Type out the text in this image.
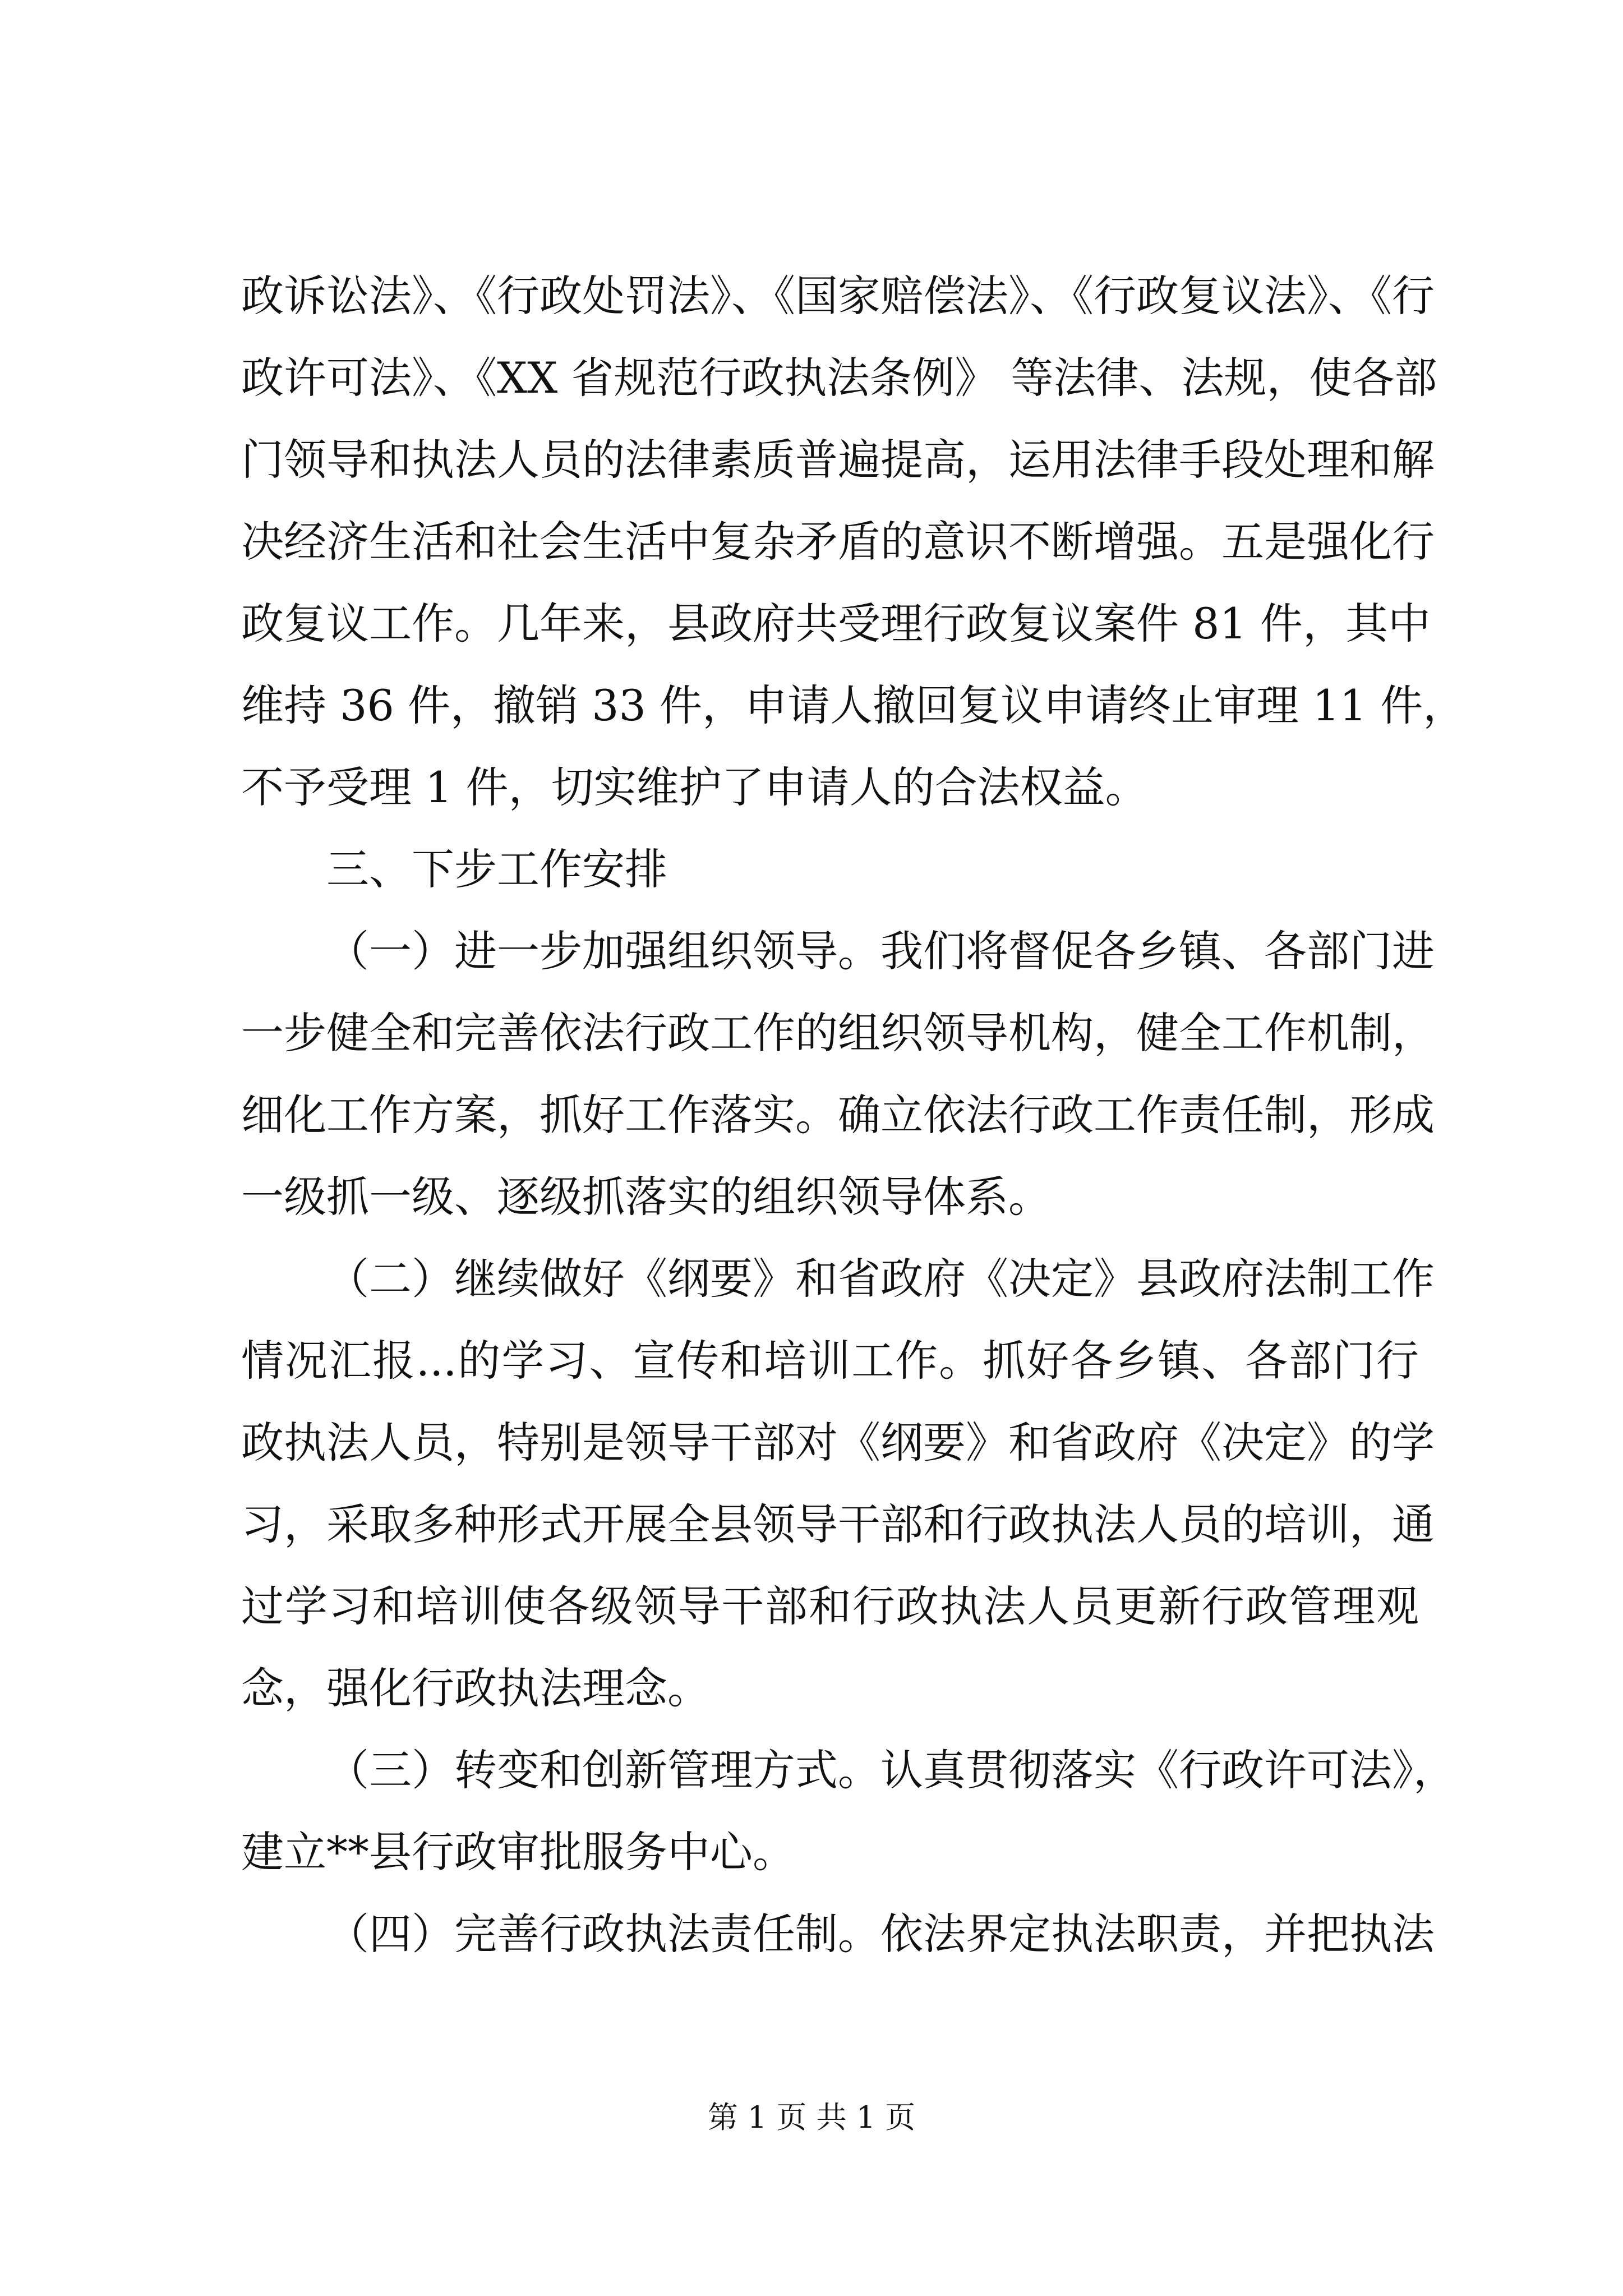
政诉讼法》、《行政处罚法》、《国家赔偿法》、《行政复议法》、《行
政许可法》、《XX 省规范行政执法条例》 等法律、法规，使各部
门领导和执法人员的法律素质普遍提高，运用法律手段处理和解
决经济生活和社会生活中复杂矛盾的意识不断增强。五是强化行
政复议工作。几年来，县政府共受理行政复议案件 81 件，其中
维持 36 件，撤销 33 件，申请人撤回复议申请终止审理 11 件，
不予受理 1 件，切实维护了申请人的合法权益。
三、下步工作安排
（一）进一步加强组织领导。我们将督促各乡镇、各部门进
一步健全和完善依法行政工作的组织领导机构，健全工作机制，
细化工作方案，抓好工作落实。确立依法行政工作责任制，形成
一级抓一级、逐级抓落实的组织领导体系。
（二）继续做好《纲要》和省政府《决定》县政府法制工作
情况汇报...的学习、宣传和培训工作。抓好各乡镇、各部门行
政执法人员，特别是领导干部对《纲要》和省政府《决定》的学
习，采取多种形式开展全县领导干部和行政执法人员的培训，通
过学习和培训使各级领导干部和行政执法人员更新行政管理观
念，强化行政执法理念。
（三）转变和创新管理方式。认真贯彻落实《行政许可法》，
建立**县行政审批服务中心。
（四）完善行政执法责任制。依法界定执法职责，并把执法
第 1 页 共 1 页
